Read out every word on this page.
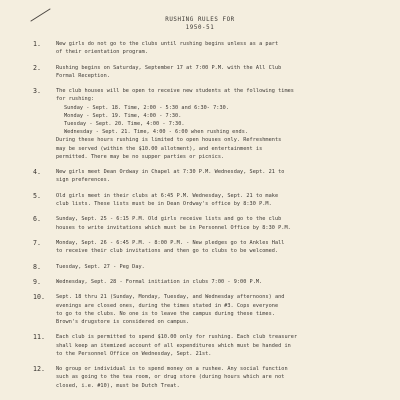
RUSHING RULES FOR
1950-51
1.	New girls do not go to the clubs until rushing begins unless as a part
of their orientation program.
2.	Rushing begins on Saturday, September 17 at 7:00 P.M. with the All Club
Formal Reception.
3.	The club houses will be open to receive new students at the following times
for rushing:
Sunday - Sept. 18. Time, 2:00 - 5:30 and 6:30- 7:30.
Monday - Sept. 19. Time, 4:00 - 7:30.
Tuesday - Sept. 20. Time, 4:00 - 7:30.
Wednesday - Sept. 21. Time, 4:00 - 6:00 when rushing ends.
During these hours rushing is limited to open houses only. Refreshments
may be served (within the $10.00 allotment), and entertainment is
permitted. There may be no supper parties or picnics.
4.	New girls meet Dean Ordway in Chapel at 7:30 P.M. Wednesday, Sept. 21 to
sign preferences.
5.	Old girls meet in their clubs at 6:45 P.M. Wednesday, Sept. 21 to make
club lists. These lists must be in Dean Ordway's office by 8:30 P.M.
6.	Sunday, Sept. 25 - 6:15 P.M. Old girls receive lists and go to the club
houses to write invitations which must be in Personnel Office by 8:30 P.M.
7.	Monday, Sept. 26 - 6:45 P.M. - 8:00 P.M. - New pledges go to Ankles Hall
to receive their club invitations and then go to clubs to be welcomed.
8.	Tuesday, Sept. 27 - Peg Day.
9.	Wednesday, Sept. 28 - Formal initiation in clubs 7:00 - 9:00 P.M.
10.	Sept. 18 thru 21 (Sunday, Monday, Tuesday, and Wednesday afternoons) and
evenings are closed ones, during the times stated in #3. Cops everyone
to go to the clubs. No one is to leave the campus during these times.
Brown's drugstore is considered on campus.
11.	Each club is permitted to spend $10.00 only for rushing. Each club treasurer
shall keep an itemized account of all expenditures which must be handed in
to the Personnel Office on Wednesday, Sept. 21st.
12.	No group or individual is to spend money on a rushee. Any social function
such as going to the tea room, or drug store (during hours which are not
closed, i.e. #10), must be Dutch Treat.
